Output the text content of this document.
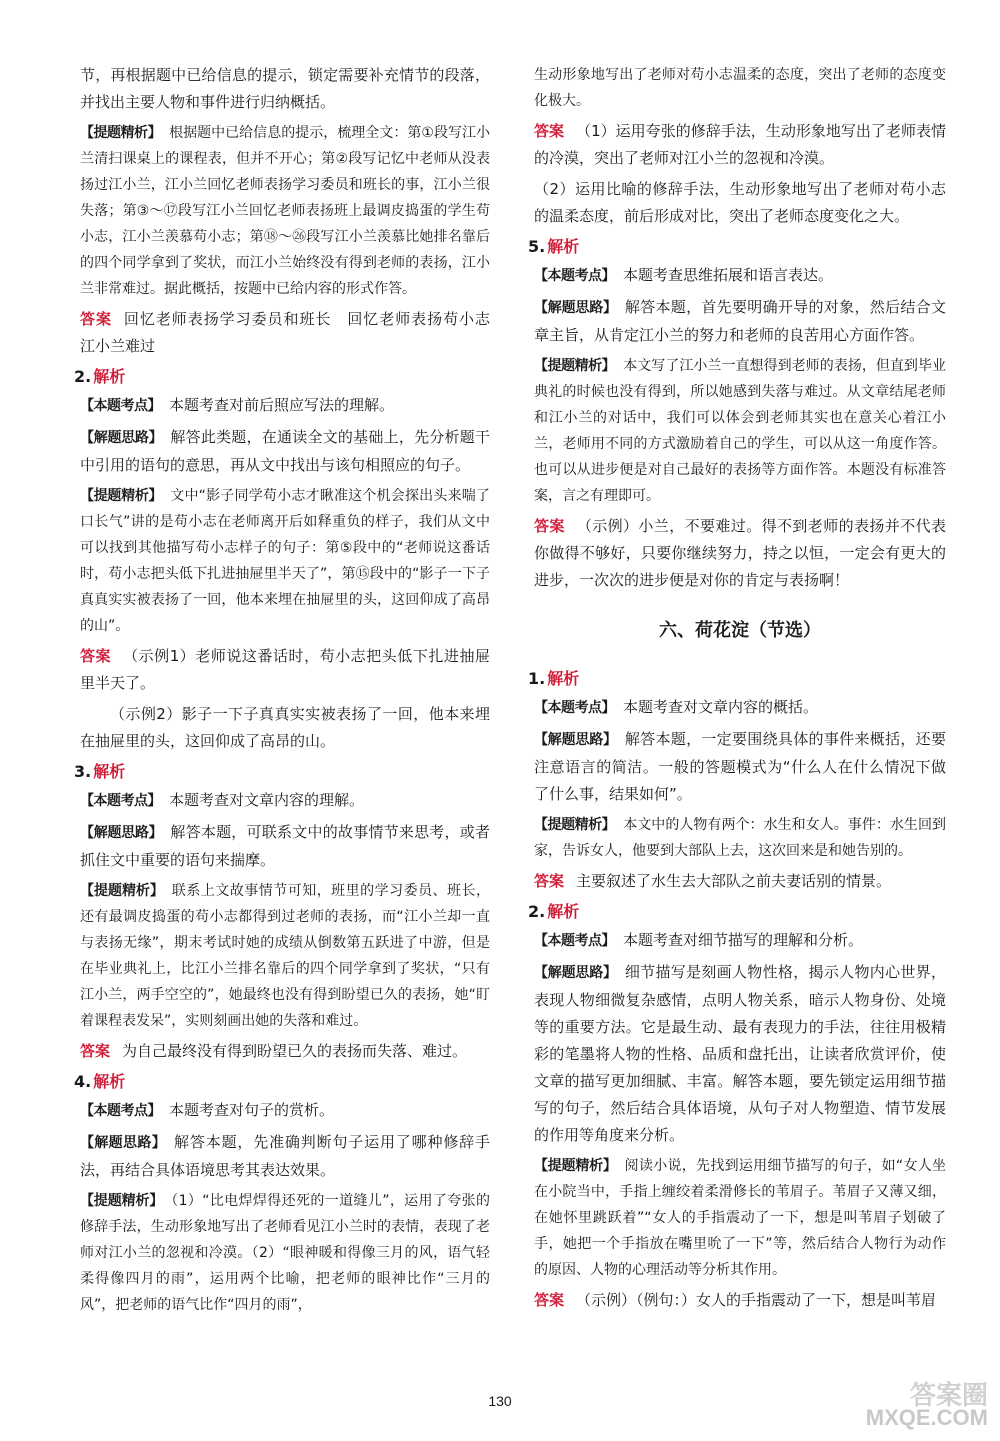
节，再根据题中已给信息的提示，锁定需要补充情节的段落，并找出主要人物和事件进行归纳概括。

【提题精析】 根据题中已给信息的提示，梳理全文：第①段写江小兰清扫课桌上的课程表，但并不开心；第②段写记忆中老师从没表扬过江小兰，江小兰回忆老师表扬学习委员和班长的事，江小兰很失落；第③～⑰段写江小兰回忆老师表扬班上最调皮捣蛋的学生苟小志，江小兰羡慕苟小志；第⑱～㉖段写江小兰羡慕比她排名靠后的四个同学拿到了奖状，而江小兰始终没有得到老师的表扬，江小兰非常难过。据此概括，按题中已给内容的形式作答。

答案 回忆老师表扬学习委员和班长　回忆老师表扬苟小志　江小兰难过

2. 解析

【本题考点】 本题考查对前后照应写法的理解。

【解题思路】 解答此类题，在通读全文的基础上，先分析题干中引用的语句的意思，再从文中找出与该句相照应的句子。

【提题精析】 文中“影子同学苟小志才瞅准这个机会探出头来喘了口长气”讲的是苟小志在老师离开后如释重负的样子，我们从文中可以找到其他描写苟小志样子的句子：第⑤段中的“老师说这番话时，苟小志把头低下扎进抽屉里半天了”，第⑮段中的“影子一下子真真实实被表扬了一回，他本来埋在抽屉里的头，这回仰成了高昂的山”。

答案 （示例1）老师说这番话时，苟小志把头低下扎进抽屉里半天了。

（示例2）影子一下子真真实实被表扬了一回，他本来埋在抽屉里的头，这回仰成了高昂的山。

3. 解析

【本题考点】 本题考查对文章内容的理解。

【解题思路】 解答本题，可联系文中的故事情节来思考，或者抓住文中重要的语句来揣摩。

【提题精析】 联系上文故事情节可知，班里的学习委员、班长，还有最调皮捣蛋的苟小志都得到过老师的表扬，而“江小兰却一直与表扬无缘”，期末考试时她的成绩从倒数第五跃进了中游，但是在毕业典礼上，比江小兰排名靠后的四个同学拿到了奖状，“只有江小兰，两手空空的”，她最终也没有得到盼望已久的表扬，她“盯着课程表发呆”，实则刻画出她的失落和难过。

答案 为自己最终没有得到盼望已久的表扬而失落、难过。

4. 解析

【本题考点】 本题考查对句子的赏析。

【解题思路】 解答本题，先准确判断句子运用了哪种修辞手法，再结合具体语境思考其表达效果。

【提题精析】 （1）“比电焊焊得还死的一道缝儿”，运用了夸张的修辞手法，生动形象地写出了老师看见江小兰时的表情，表现了老师对江小兰的忽视和冷漠。（2）“眼神暖和得像三月的风，语气轻柔得像四月的雨”，运用两个比喻，把老师的眼神比作“三月的风”，把老师的语气比作“四月的雨”，

生动形象地写出了老师对苟小志温柔的态度，突出了老师的态度变化极大。

答案 （1）运用夸张的修辞手法，生动形象地写出了老师表情的冷漠，突出了老师对江小兰的忽视和冷漠。

（2）运用比喻的修辞手法，生动形象地写出了老师对苟小志的温柔态度，前后形成对比，突出了老师态度变化之大。

5. 解析

【本题考点】 本题考查思维拓展和语言表达。

【解题思路】 解答本题，首先要明确开导的对象，然后结合文章主旨，从肯定江小兰的努力和老师的良苦用心方面作答。

【提题精析】 本文写了江小兰一直想得到老师的表扬，但直到毕业典礼的时候也没有得到，所以她感到失落与难过。从文章结尾老师和江小兰的对话中，我们可以体会到老师其实也在意关心着江小兰，老师用不同的方式激励着自己的学生，可以从这一角度作答。也可以从进步便是对自己最好的表扬等方面作答。本题没有标准答案，言之有理即可。

答案 （示例）小兰，不要难过。得不到老师的表扬并不代表你做得不够好，只要你继续努力，持之以恒，一定会有更大的进步，一次次的进步便是对你的肯定与表扬啊！

六、荷花淀（节选）
1. 解析

【本题考点】 本题考查对文章内容的概括。

【解题思路】 解答本题，一定要围绕具体的事件来概括，还要注意语言的简洁。一般的答题模式为“什么人在什么情况下做了什么事，结果如何”。

【提题精析】 本文中的人物有两个：水生和女人。事件：水生回到家，告诉女人，他要到大部队上去，这次回来是和她告别的。

答案 主要叙述了水生去大部队之前夫妻话别的情景。

2. 解析

【本题考点】 本题考查对细节描写的理解和分析。

【解题思路】 细节描写是刻画人物性格，揭示人物内心世界，表现人物细微复杂感情，点明人物关系，暗示人物身份、处境等的重要方法。它是最生动、最有表现力的手法，往往用极精彩的笔墨将人物的性格、品质和盘托出，让读者欣赏评价，使文章的描写更加细腻、丰富。解答本题，要先锁定运用细节描写的句子，然后结合具体语境，从句子对人物塑造、情节发展的作用等角度来分析。

【提题精析】 阅读小说，先找到运用细节描写的句子，如“女人坐在小院当中，手指上缠绞着柔滑修长的苇眉子。苇眉子又薄又细，在她怀里跳跃着”“女人的手指震动了一下，想是叫苇眉子划破了手，她把一个手指放在嘴里吮了一下”等，然后结合人物行为动作的原因、人物的心理活动等分析其作用。

答案 （示例）（例句：）女人的手指震动了一下，想是叫苇眉

130	答案圈
MXQE.COM
